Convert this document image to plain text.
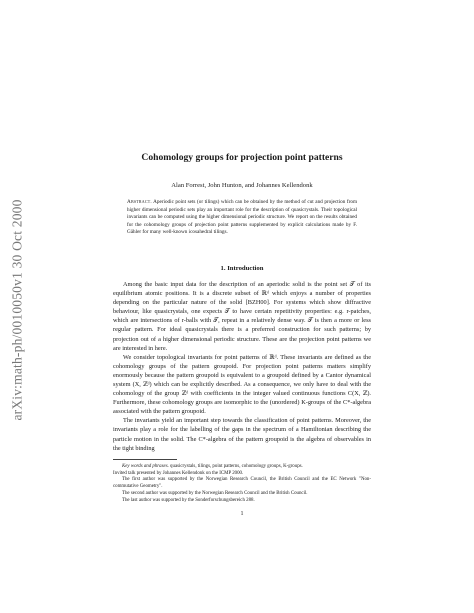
arXiv:math-ph/0010050v1 30 Oct 2000
Cohomology groups for projection point patterns
Alan Forrest, John Hunton, and Johannes Kellendonk
Abstract. Aperiodic point sets (or tilings) which can be obtained by the method of cut and projection from higher dimensional periodic sets play an important role for the description of quasicrystals. Their topological invariants can be computed using the higher dimensional periodic structure. We report on the results obtained for the cohomology groups of projection point patterns supplemented by explicit calculations made by F. Gähler for many well-known icosahedral tilings.
1. Introduction

Among the basic input data for the description of an aperiodic solid is the point set 𝒯 of its equilibrium atomic positions. It is a discrete subset of ℝᵈ which enjoys a number of properties depending on the particular nature of the solid [BZH00]. For systems which show diffractive behaviour, like quasicrystals, one expects 𝒯 to have certain repetitivity properties: e.g. r-patches, which are intersections of r-balls with 𝒯, repeat in a relatively dense way. 𝒯 is then a more or less regular pattern. For ideal quasicrystals there is a preferred construction for such patterns; by projection out of a higher dimensional periodic structure. These are the projection point patterns we are interested in here.

We consider topological invariants for point patterns of ℝᵈ. These invariants are defined as the cohomology groups of the pattern groupoid. For projection point patterns matters simplify enormously because the pattern groupoid is equivalent to a groupoid defined by a Cantor dynamical system (X, ℤᵈ) which can be explicitly described. As a consequence, we only have to deal with the cohomology of the group ℤᵈ with coefficients in the integer valued continuous functions C(X, ℤ). Furthermore, these cohomology groups are isomorphic to the (unordered) K-groups of the C*-algebra associated with the pattern groupoid.

The invariants yield an important step towards the classification of point patterns. Moreover, the invariants play a role for the labelling of the gaps in the spectrum of a Hamiltonian describing the particle motion in the solid. The C*-algebra of the pattern groupoid is the algebra of observables in the tight binding

Key words and phrases. quasicrystals, tilings, point patterns, cohomology groups, K-groups.

Invited talk presented by Johannes Kellendonk on the ICMP 2000.

The first author was supported by the Norwegian Research Council, the British Council and the EC Network "Non-commutative Geometry".

The second author was supported by the Norwegian Research Council and the British Council.

The last author was supported by the Sonderforschungsbereich 288.

1
